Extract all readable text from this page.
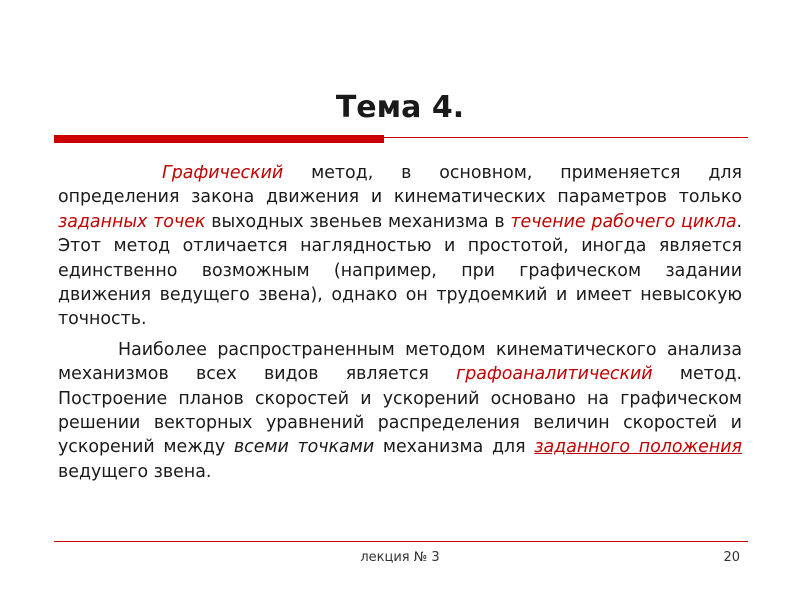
Тема 4.

Графический метод, в основном, применяется для определения закона движения и кинематических параметров только заданных точек выходных звеньев механизма в течение рабочего цикла. Этот метод отличается наглядностью и простотой, иногда является единственно возможным (например, при графическом задании движения ведущего звена), однако он трудоемкий и имеет невысокую точность.

Наиболее распространенным методом кинематического анализа механизмов всех видов является графоаналитический метод. Построение планов скоростей и ускорений основано на графическом решении векторных уравнений распределения величин скоростей и ускорений между всеми точками механизма для заданного положения ведущего звена.

лекция № 3	20
